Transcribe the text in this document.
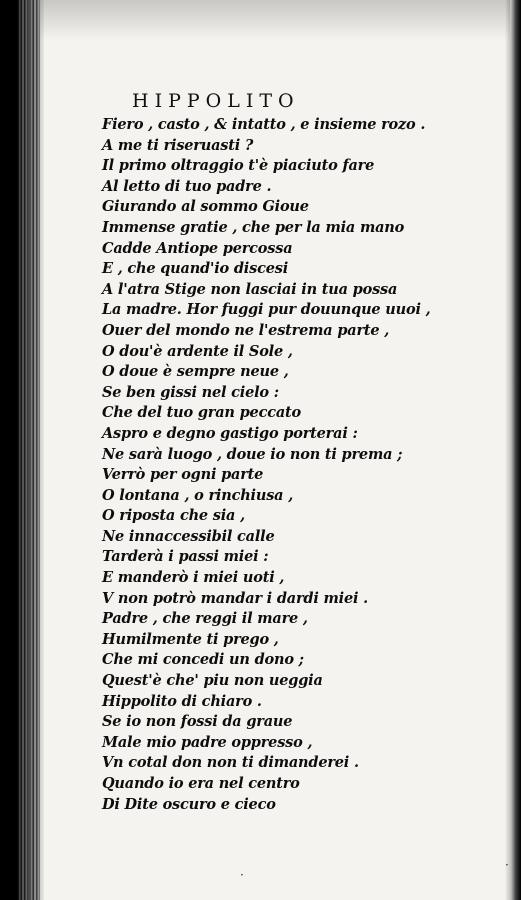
HIPPOLITO
Fiero , casto , & intatto , e insieme rozo .
A me ti riseruasti ?
Il primo oltraggio t'è piaciuto fare
Al letto di tuo padre .
Giurando al sommo Gioue
Immense gratie , che per la mia mano
Cadde Antiope percossa
E , che quand'io discesi
A l'atra Stige non lasciai in tua possa
La madre. Hor fuggi pur douunque uuoi ,
Ouer del mondo ne l'estrema parte ,
O dou'è ardente il Sole ,
O doue è sempre neue ,
Se ben gissi nel cielo :
Che del tuo gran peccato
Aspro e degno gastigo porterai :
Ne sarà luogo , doue io non ti prema ;
Verrò per ogni parte
O lontana , o rinchiusa ,
O riposta che sia ,
Ne innaccessibil calle
Tarderà i passi miei :
E manderò i miei uoti ,
V non potrò mandar i dardi miei .
Padre , che reggi il mare ,
Humilmente ti prego ,
Che mi concedi un dono ;
Quest'è che' piu non ueggia
Hippolito di chiaro .
Se io non fossi da graue
Male mio padre oppresso ,
Vn cotal don non ti dimanderei .
Quando io era nel centro
Di Dite oscuro e cieco
·
·
